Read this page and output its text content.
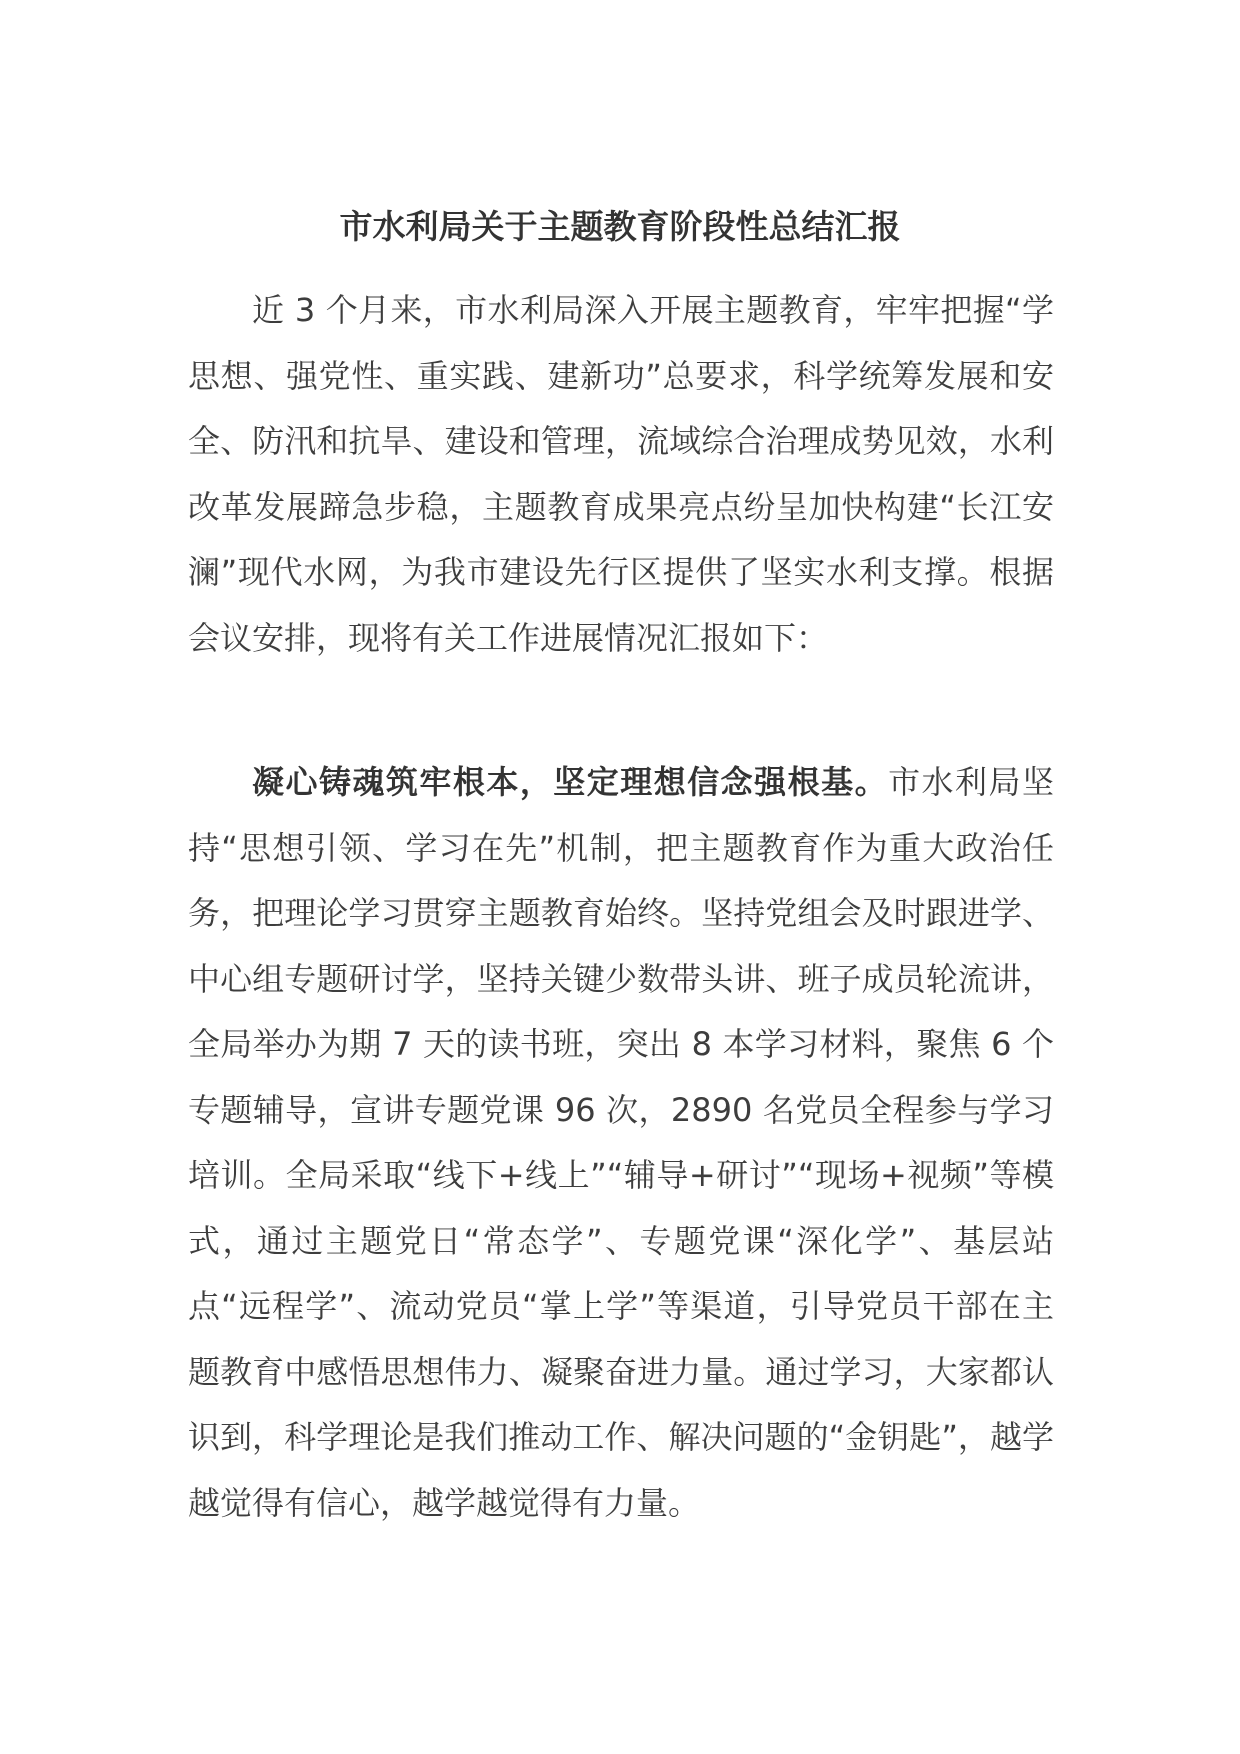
市水利局关于主题教育阶段性总结汇报

近 3 个月来，市水利局深入开展主题教育，牢牢把握“学思想、强党性、重实践、建新功”总要求，科学统筹发展和安全、防汛和抗旱、建设和管理，流域综合治理成势见效，水利改革发展蹄急步稳，主题教育成果亮点纷呈加快构建“长江安澜”现代水网，为我市建设先行区提供了坚实水利支撑。根据会议安排，现将有关工作进展情况汇报如下：

凝心铸魂筑牢根本，坚定理想信念强根基。市水利局坚持“思想引领、学习在先”机制，把主题教育作为重大政治任务，把理论学习贯穿主题教育始终。坚持党组会及时跟进学、中心组专题研讨学，坚持关键少数带头讲、班子成员轮流讲，全局举办为期 7 天的读书班，突出 8 本学习材料，聚焦 6 个专题辅导，宣讲专题党课 96 次，2890 名党员全程参与学习培训。全局采取“线下+线上”“辅导+研讨”“现场+视频”等模式，通过主题党日“常态学”、专题党课“深化学”、基层站点“远程学”、流动党员“掌上学”等渠道，引导党员干部在主题教育中感悟思想伟力、凝聚奋进力量。通过学习，大家都认识到，科学理论是我们推动工作、解决问题的“金钥匙”，越学越觉得有信心，越学越觉得有力量。
